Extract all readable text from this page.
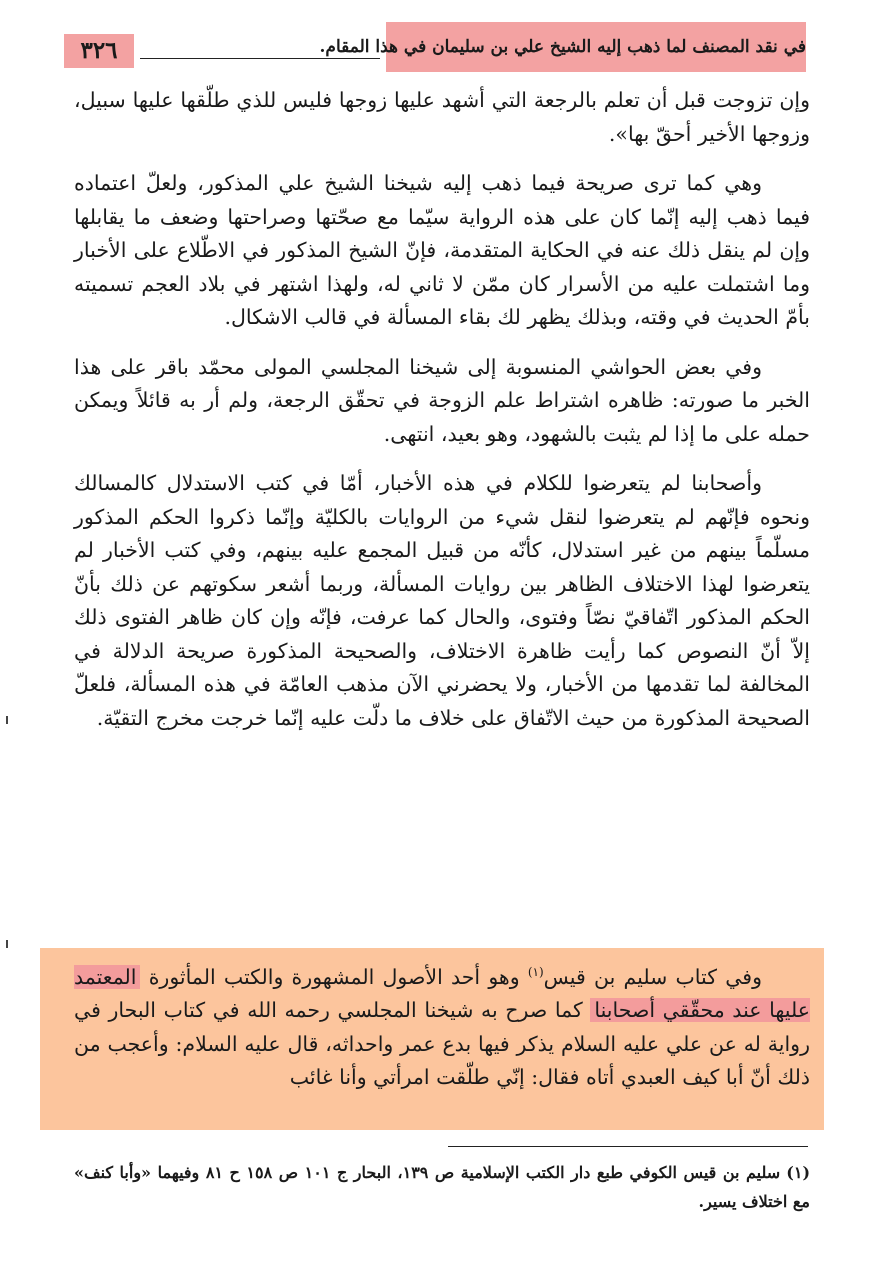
٣٢٦	في نقد المصنف لما ذهب إليه الشيخ علي بن سليمان في هذا المقام.

وإن تزوجت قبل أن تعلم بالرجعة التي أشهد عليها زوجها فليس للذي طلّقها عليها سبيل، وزوجها الأخير أحقّ بها».

وهي كما ترى صريحة فيما ذهب إليه شيخنا الشيخ علي المذكور، ولعلّ اعتماده فيما ذهب إليه إنّما كان على هذه الرواية سيّما مع صحّتها وصراحتها وضعف ما يقابلها وإن لم ينقل ذلك عنه في الحكاية المتقدمة، فإنّ الشيخ المذكور في الاطّلاع على الأخبار وما اشتملت عليه من الأسرار كان ممّن لا ثاني له، ولهذا اشتهر في بلاد العجم تسميته بأمّ الحديث في وقته، وبذلك يظهر لك بقاء المسألة في قالب الاشكال.

وفي بعض الحواشي المنسوبة إلى شيخنا المجلسي المولى محمّد باقر على هذا الخبر ما صورته: ظاهره اشتراط علم الزوجة في تحقّق الرجعة، ولم أر به قائلاً ويمكن حمله على ما إذا لم يثبت بالشهود، وهو بعيد، انتهى.

وأصحابنا لم يتعرضوا للكلام في هذه الأخبار، أمّا في كتب الاستدلال كالمسالك ونحوه فإنّهم لم يتعرضوا لنقل شيء من الروايات بالكليّة وإنّما ذكروا الحكم المذكور مسلّماً بينهم من غير استدلال، كأنّه من قبيل المجمع عليه بينهم، وفي كتب الأخبار لم يتعرضوا لهذا الاختلاف الظاهر بين روايات المسألة، وربما أشعر سكوتهم عن ذلك بأنّ الحكم المذكور اتّفاقيّ نصّاً وفتوى، والحال كما عرفت، فإنّه وإن كان ظاهر الفتوى ذلك إلاّ أنّ النصوص كما رأيت ظاهرة الاختلاف، والصحيحة المذكورة صريحة الدلالة في المخالفة لما تقدمها من الأخبار، ولا يحضرني الآن مذهب العامّة في هذه المسألة، فلعلّ الصحيحة المذكورة من حيث الاتّفاق على خلاف ما دلّت عليه إنّما خرجت مخرج التقيّة.

وفي كتاب سليم بن قيس$^{(١)}$ وهو أحد الأصول المشهورة والكتب المأثورة المعتمد عليها عند محقّقي أصحابنا كما صرح به شيخنا المجلسي رحمه الله في كتاب البحار في رواية له عن علي عليه السلام يذكر فيها بدع عمر واحداثه، قال عليه السلام: وأعجب من ذلك أنّ أبا كيف العبدي أتاه فقال: إنّي طلّقت امرأتي وأنا غائب

(١) سليم بن قيس الكوفي طبع دار الكتب الإسلامية ص ١٣٩، البحار ج ١٠١ ص ١٥٨ ح ٨١ وفيهما «وأبا كنف» مع اختلاف يسير.
